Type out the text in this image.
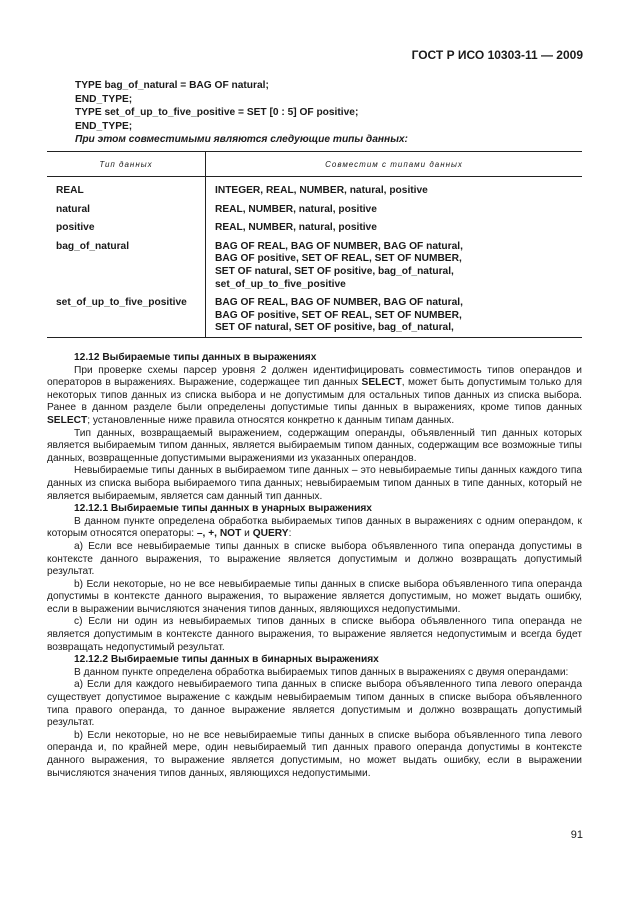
ГОСТ Р ИСО 10303-11 — 2009
TYPE bag_of_natural = BAG OF natural;
END_TYPE;
TYPE set_of_up_to_five_positive = SET [0 : 5] OF positive;
END_TYPE;
При этом совместимыми являются следующие типы данных:
Тип данных	Совместим с типами данных
REAL	INTEGER, REAL, NUMBER, natural, positive

natural	REAL, NUMBER, natural, positive

positive	REAL, NUMBER, natural, positive

bag_of_natural	BAG OF REAL, BAG OF NUMBER, BAG OF natural,
BAG OF positive, SET OF REAL, SET OF NUMBER,
SET OF natural, SET OF positive, bag_of_natural,
set_of_up_to_five_positive

set_of_up_to_five_positive	BAG OF REAL, BAG OF NUMBER, BAG OF natural,
BAG OF positive, SET OF REAL, SET OF NUMBER,
SET OF natural, SET OF positive, bag_of_natural,

12.12 Выбираемые типы данных в выражениях

При проверке схемы парсер уровня 2 должен идентифицировать совместимость типов операндов и операторов в выражениях. Выражение, содержащее тип данных SELECT, может быть допустимым только для некоторых типов данных из списка выбора и не допустимым для остальных типов данных из списка выбора. Ранее в данном разделе были определены допустимые типы данных в выражениях, кроме типов данных SELECT; установленные ниже правила относятся конкретно к данным типам данных.

Тип данных, возвращаемый выражением, содержащим операнды, объявленный тип данных которых является выбираемым типом данных, является выбираемым типом данных, содержащим все возможные типы данных, возвращенные допустимыми выражениями из указанных операндов.

Невыбираемые типы данных в выбираемом типе данных – это невыбираемые типы данных каждого типа данных из списка выбора выбираемого типа данных; невыбираемым типом данных в типе данных, который не является выбираемым, является сам данный тип данных.

12.12.1 Выбираемые типы данных в унарных выражениях

В данном пункте определена обработка выбираемых типов данных в выражениях с одним операндом, к которым относятся операторы: –, +, NOT и QUERY:

а) Если все невыбираемые типы данных в списке выбора объявленного типа операнда допустимы в контексте данного выражения, то выражение является допустимым и должно возвращать допустимый результат.

b) Если некоторые, но не все невыбираемые типы данных в списке выбора объявленного типа операнда допустимы в контексте данного выражения, то выражение является допустимым, но может выдать ошибку, если в выражении вычисляются значения типов данных, являющихся недопустимыми.

с) Если ни один из невыбираемых типов данных в списке выбора объявленного типа операнда не является допустимым в контексте данного выражения, то выражение является недопустимым и всегда будет возвращать недопустимый результат.

12.12.2 Выбираемые типы данных в бинарных выражениях

В данном пункте определена обработка выбираемых типов данных в выражениях с двумя операндами:

а) Если для каждого невыбираемого типа данных в списке выбора объявленного типа левого операнда существует допустимое выражение с каждым невыбираемым типом данных в списке выбора объявленного типа правого операнда, то данное выражение является допустимым и должно возвращать допустимый результат.

b) Если некоторые, но не все невыбираемые типы данных в списке выбора объявленного типа левого операнда и, по крайней мере, один невыбираемый тип данных правого операнда допустимы в контексте данного выражения, то выражение является допустимым, но может выдать ошибку, если в выражении вычисляются значения типов данных, являющихся недопустимыми.

91
